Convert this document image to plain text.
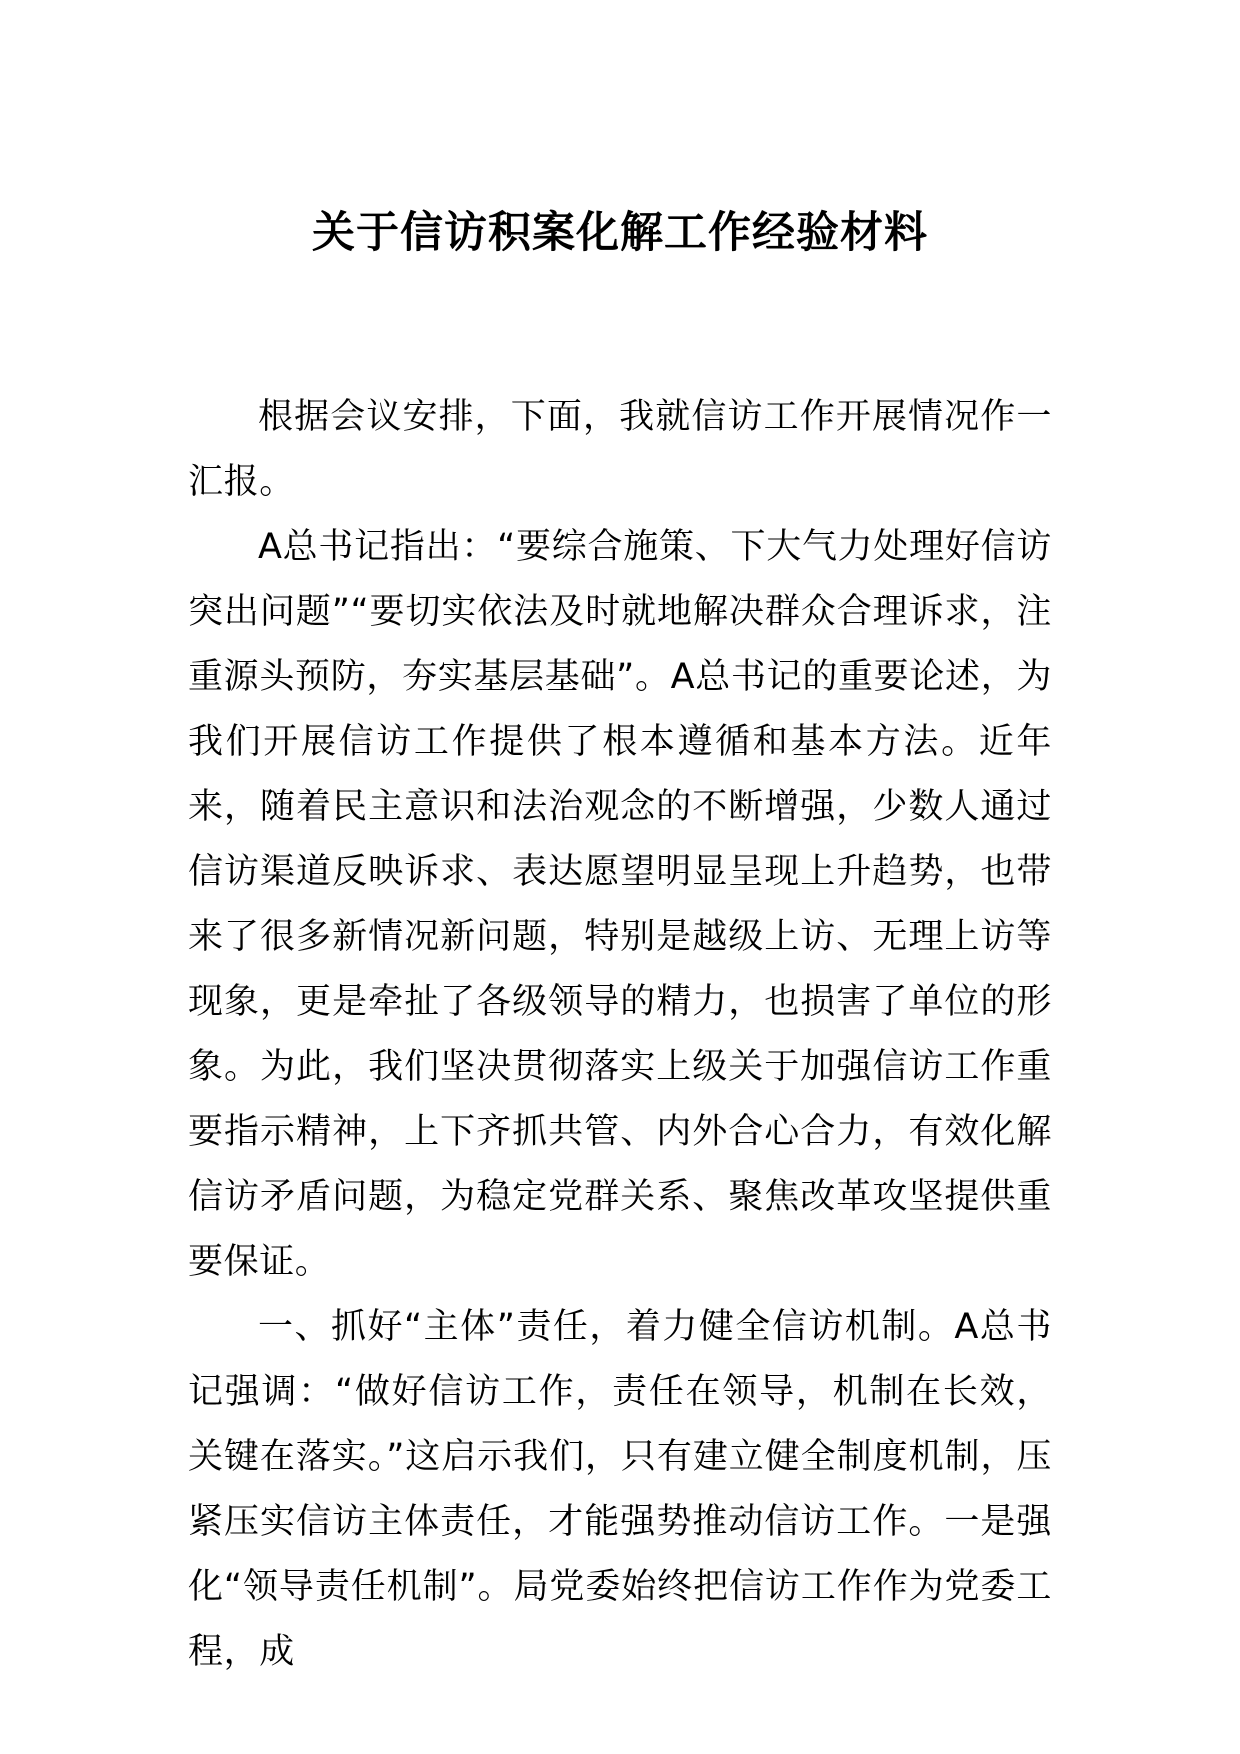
关于信访积案化解工作经验材料

根据会议安排，下面，我就信访工作开展情况作一汇报。

A总书记指出：“要综合施策、下大气力处理好信访突出问题”“要切实依法及时就地解决群众合理诉求，注重源头预防，夯实基层基础”。A总书记的重要论述，为我们开展信访工作提供了根本遵循和基本方法。近年来，随着民主意识和法治观念的不断增强，少数人通过信访渠道反映诉求、表达愿望明显呈现上升趋势，也带来了很多新情况新问题，特别是越级上访、无理上访等现象，更是牵扯了各级领导的精力，也损害了单位的形象。为此，我们坚决贯彻落实上级关于加强信访工作重要指示精神，上下齐抓共管、内外合心合力，有效化解信访矛盾问题，为稳定党群关系、聚焦改革攻坚提供重要保证。

一、抓好“主体”责任，着力健全信访机制。A总书记强调：“做好信访工作，责任在领导，机制在长效，关键在落实。”这启示我们，只有建立健全制度机制，压紧压实信访主体责任，才能强势推动信访工作。一是强化“领导责任机制”。局党委始终把信访工作作为党委工程，成
